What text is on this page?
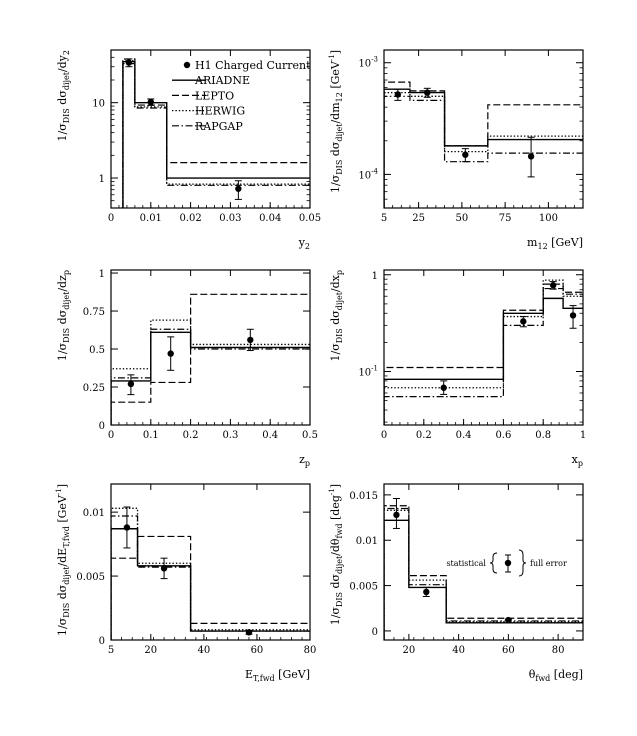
0	0.01 0.02 0.03 0.04 0.05
1
10
$y_2$
$1/\sigma_{DIS}$ $d\sigma_{dijet}/dy_2$
5	25	50	75	100
$10^{-3}$
$10^{-4}$
$m_{12}$ [GeV]
$1/\sigma_{DIS}$ $d\sigma_{dijet}/dm_{12}$ [GeV$^{-1}$]
0	0.1 0.2 0.3 0.4 0.5
0
0.25
0.5
0.75
1
$z_p$
$1/\sigma_{DIS}$ $d\sigma_{dijet}/dz_p$
0	0.2 0.4 0.6 0.8	1
1
$10^{-1}$
$x_p$
$1/\sigma_{DIS}$ $d\sigma_{dijet}/dx_p$
5	20	40	60	80
0
0.005
0.01
$E_{T,fwd}$ [GeV]
$1/\sigma_{DIS}$ $d\sigma_{dijet}/dE_{T,fwd}$ [GeV$^{-1}$]
20	40	60	80
0
0.005
0.01
0.015
$\theta_{fwd}$ [deg]
$1/\sigma_{DIS}$ $d\sigma_{dijet}/d\theta_{fwd}$ [deg$^{-1}$]
statistical	full error
H1 Charged Current
ARIADNE
LEPTO
HERWIG
RAPGAP
